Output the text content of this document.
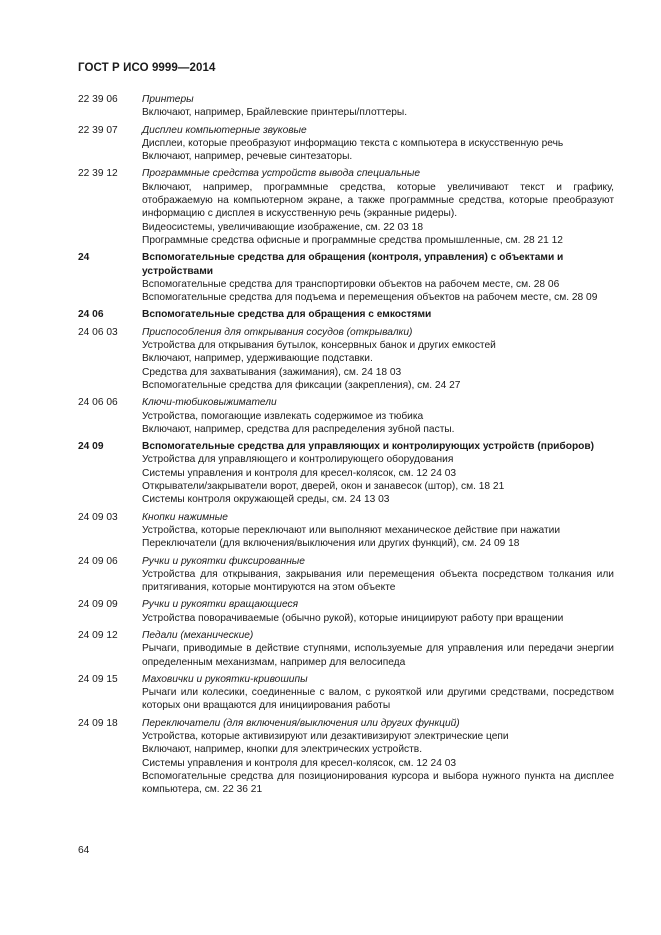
ГОСТ Р ИСО 9999—2014
22 39 06	Принтеры
Включают, например, Брайлевские принтеры/плоттеры.
22 39 07	Дисплеи компьютерные звуковые
Дисплеи, которые преобразуют информацию текста с компьютера в искусственную речь
Включают, например, речевые синтезаторы.
22 39 12	Программные средства устройств вывода специальные
Включают, например, программные средства, которые увеличивают текст и графику, отображаемую на компьютерном экране, а также программные средства, которые преобразуют информацию с дисплея в искусственную речь (экранные ридеры).
Видеосистемы, увеличивающие изображение, см. 22 03 18
Программные средства офисные и программные средства промышленные, см. 28 21 12
24	Вспомогательные средства для обращения (контроля, управления) с объектами и устройствами
Вспомогательные средства для транспортировки объектов на рабочем месте, см. 28 06
Вспомогательные средства для подъема и перемещения объектов на рабочем месте, см. 28 09
24 06	Вспомогательные средства для обращения с емкостями
24 06 03	Приспособления для открывания сосудов (открывалки)
Устройства для открывания бутылок, консервных банок и других емкостей
Включают, например, удерживающие подставки.
Средства для захватывания (зажимания), см. 24 18 03
Вспомогательные средства для фиксации (закрепления), см. 24 27
24 06 06	Ключи-тюбиковыжиматели
Устройства, помогающие извлекать содержимое из тюбика
Включают, например, средства для распределения зубной пасты.
24 09	Вспомогательные средства для управляющих и контролирующих устройств (приборов)
Устройства для управляющего и контролирующего оборудования
Системы управления и контроля для кресел-колясок, см. 12 24 03
Открыватели/закрыватели ворот, дверей, окон и занавесок (штор), см. 18 21
Системы контроля окружающей среды, см. 24 13 03
24 09 03	Кнопки нажимные
Устройства, которые переключают или выполняют механическое действие при нажатии
Переключатели (для включения/выключения или других функций), см. 24 09 18
24 09 06	Ручки и рукоятки фиксированные
Устройства для открывания, закрывания или перемещения объекта посредством толкания или притягивания, которые монтируются на этом объекте
24 09 09	Ручки и рукоятки вращающиеся
Устройства поворачиваемые (обычно рукой), которые инициируют работу при вращении
24 09 12	Педали (механические)
Рычаги, приводимые в действие ступнями, используемые для управления или передачи энергии определенным механизмам, например для велосипеда
24 09 15	Маховички и рукоятки-кривошипы
Рычаги или колесики, соединенные с валом, с рукояткой или другими средствами, посредством которых они вращаются для инициирования работы
24 09 18	Переключатели (для включения/выключения или других функций)
Устройства, которые активизируют или дезактивизируют электрические цепи
Включают, например, кнопки для электрических устройств.
Системы управления и контроля для кресел-колясок, см. 12 24 03
Вспомогательные средства для позиционирования курсора и выбора нужного пункта на дисплее компьютера, см. 22 36 21
64
